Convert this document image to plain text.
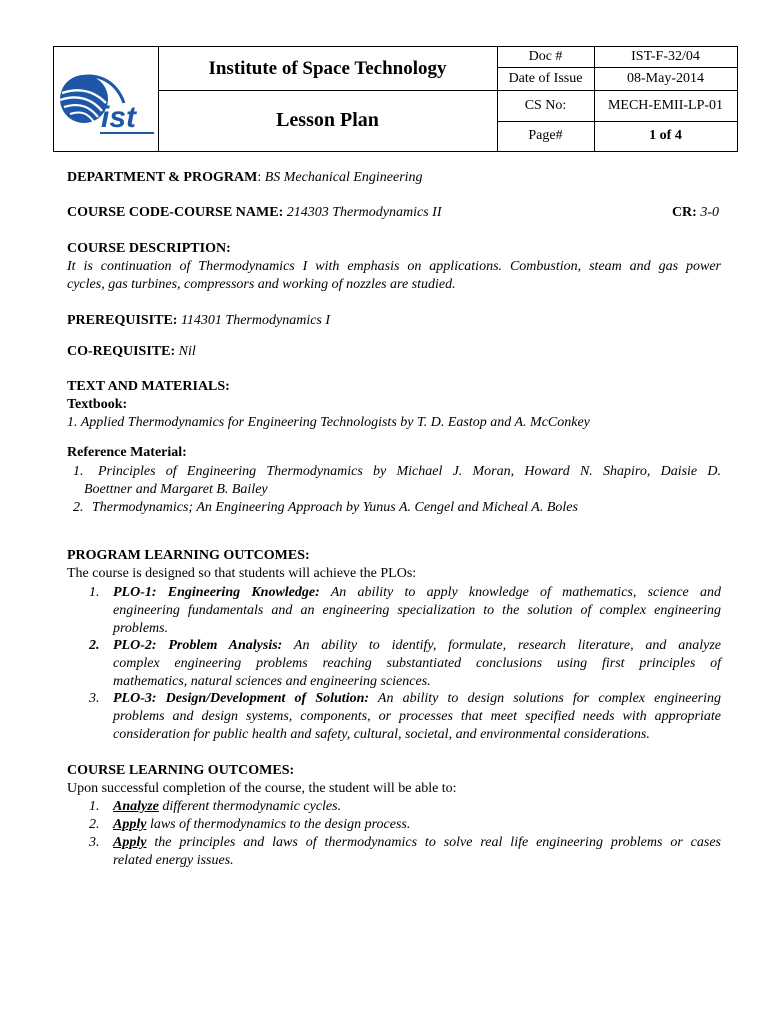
ist
Institute of Space Technology
Lesson Plan
Doc #	IST-F-32/04
Date of Issue	08-May-2014
CS No:	MECH-EMII-LP-01
Page#	1 of 4
DEPARTMENT & PROGRAM: BS Mechanical Engineering
COURSE CODE-COURSE NAME: 214303 Thermodynamics II	CR: 3-0
COURSE DESCRIPTION:
It is continuation of Thermodynamics I with emphasis on applications. Combustion, steam and gas power
cycles, gas turbines, compressors and working of nozzles are studied.
PREREQUISITE: 114301 Thermodynamics I
CO-REQUISITE: Nil
TEXT AND MATERIALS:
Textbook:
1. Applied Thermodynamics for Engineering Technologists by T. D. Eastop and A. McConkey
Reference Material:
1. Principles of Engineering Thermodynamics by Michael J. Moran, Howard N. Shapiro, Daisie D.
Boettner and Margaret B. Bailey
2. Thermodynamics; An Engineering Approach by Yunus A. Cengel and Micheal A. Boles
PROGRAM LEARNING OUTCOMES:
The course is designed so that students will achieve the PLOs:
1. PLO-1: Engineering Knowledge: An ability to apply knowledge of mathematics, science and
engineering fundamentals and an engineering specialization to the solution of complex engineering
problems.
2. PLO-2: Problem Analysis: An ability to identify, formulate, research literature, and analyze
complex engineering problems reaching substantiated conclusions using first principles of
mathematics, natural sciences and engineering sciences.
3. PLO-3: Design/Development of Solution: An ability to design solutions for complex engineering
problems and design systems, components, or processes that meet specified needs with appropriate
consideration for public health and safety, cultural, societal, and environmental considerations.
COURSE LEARNING OUTCOMES:
Upon successful completion of the course, the student will be able to:
1. Analyze different thermodynamic cycles.
2. Apply laws of thermodynamics to the design process.
3. Apply the principles and laws of thermodynamics to solve real life engineering problems or cases
related energy issues.
